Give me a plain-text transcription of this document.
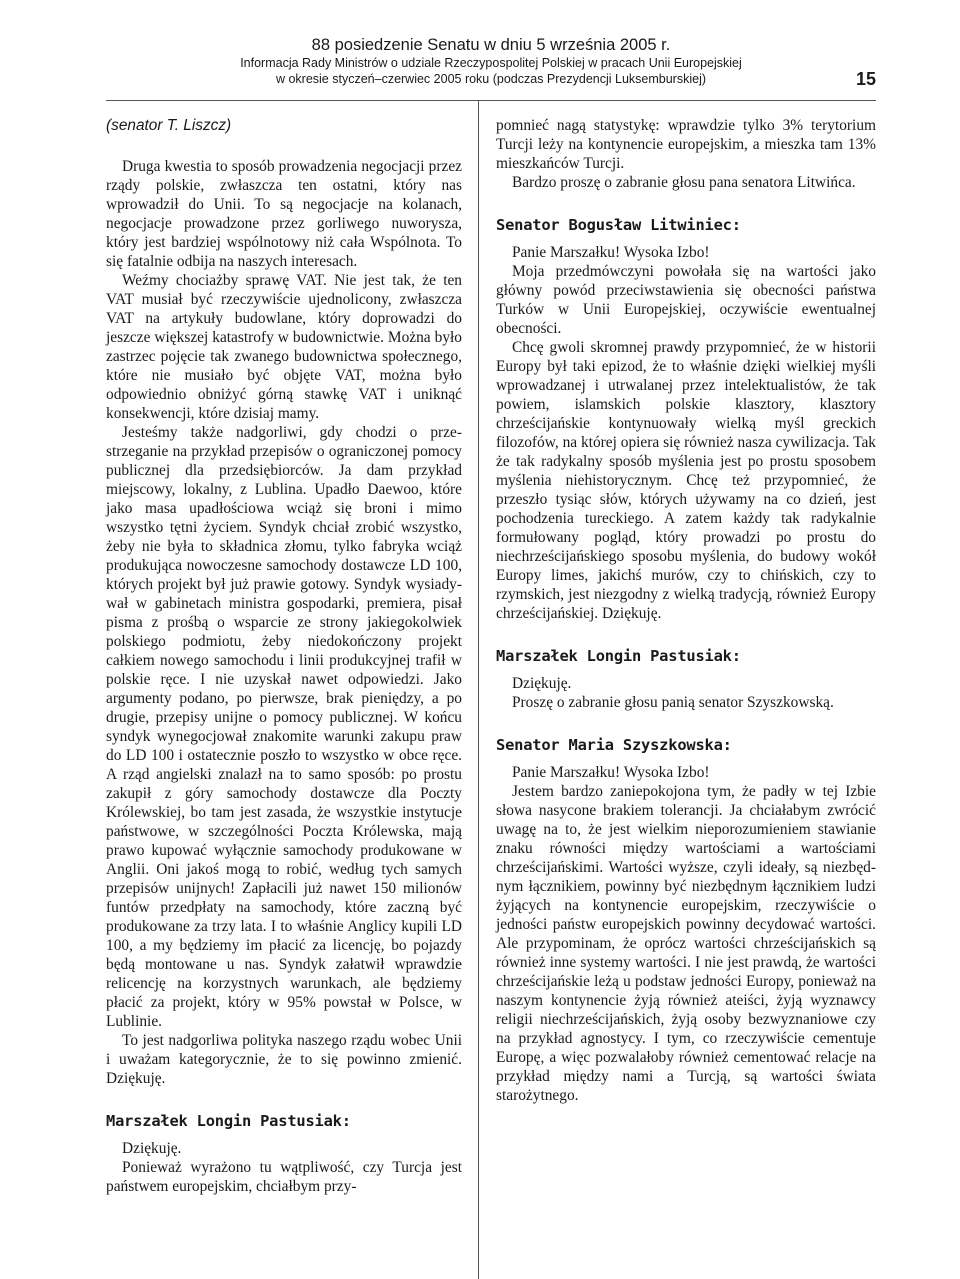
88 posiedzenie Senatu w dniu 5 września 2005 r.
Informacja Rady Ministrów o udziale Rzeczypospolitej Polskiej w pracach Unii Europejskiej
w okresie styczeń–czerwiec 2005 roku (podczas Prezydencji Luksemburskiej)	15

(senator T. Liszcz)

Druga kwestia to sposób prowadzenia negocjacji przez rządy polskie, zwłaszcza ten ostatni, który nas wprowadził do Unii. To są negocjacje na kolanach, negocjacje prowadzone przez gorliwego nuworysza, który jest bardziej wspólnotowy niż cała Wspólnota. To się fatalnie odbija na naszych interesach.

Weźmy chociażby sprawę VAT. Nie jest tak, że ten VAT musiał być rzeczywiście ujednolicony, zwłaszcza VAT na artykuły budowlane, który doprowadzi do jeszcze większej katastrofy w budownictwie. Można było zastrzec pojęcie tak zwanego budownictwa społecznego, które nie musiało być objęte VAT, można było odpowiednio obniżyć górną stawkę VAT i uniknąć konsekwencji, które dzisiaj mamy.

Jesteśmy także nadgorliwi, gdy chodzi o przestrzeganie na przykład przepisów o ograniczonej pomocy publicznej dla przedsiębiorców. Ja dam przykład miejscowy, lokalny, z Lublina. Upadło Daewoo, które jako masa upadłościowa wciąż się broni i mimo wszystko tętni życiem. Syndyk chciał zrobić wszystko, żeby nie była to składnica złomu, tylko fabryka wciąż produkująca nowoczesne samochody dostawcze LD 100, których projekt był już prawie gotowy. Syndyk wysiadywał w gabinetach ministra gospodarki, premiera, pisał pisma z prośbą o wsparcie ze strony jakiegokolwiek polskiego podmiotu, żeby niedokończony projekt całkiem nowego samochodu i linii produkcyjnej trafił w polskie ręce. I nie uzyskał nawet odpowiedzi. Jako argumenty podano, po pierwsze, brak pieniędzy, a po drugie, przepisy unijne o pomocy publicznej. W końcu syndyk wynegocjował znakomite warunki zakupu praw do LD 100 i ostatecznie poszło to wszystko w obce ręce. A rząd angielski znalazł na to samo sposób: po prostu zakupił z góry samochody dostawcze dla Poczty Królewskiej, bo tam jest zasada, że wszystkie instytucje państwowe, w szczególności Poczta Królewska, mają prawo kupować wyłącznie samochody produkowane w Anglii. Oni jakoś mogą to robić, według tych samych przepisów unijnych! Zapłacili już nawet 150 milionów funtów przedpłaty na samochody, które zaczną być produkowane za trzy lata. I to właśnie Anglicy kupili LD 100, a my będziemy im płacić za licencję, bo pojazdy będą montowane u nas. Syndyk załatwił wprawdzie relicencję na korzystnych warunkach, ale będziemy płacić za projekt, który w 95% powstał w Polsce, w Lublinie.

To jest nadgorliwa polityka naszego rządu wobec Unii i uważam kategorycznie, że to się powinno zmienić. Dziękuję.

Marszałek Longin Pastusiak:

Dziękuję.

Ponieważ wyrażono tu wątpliwość, czy Turcja jest państwem europejskim, chciałbym przy-

pomnieć nagą statystykę: wprawdzie tylko 3% terytorium Turcji leży na kontynencie europejskim, a mieszka tam 13% mieszkańców Turcji.

Bardzo proszę o zabranie głosu pana senatora Litwińca.

Senator Bogusław Litwiniec:

Panie Marszałku! Wysoka Izbo!

Moja przedmówczyni powołała się na wartości jako główny powód przeciwstawienia się obecności państwa Turków w Unii Europejskiej, oczywiście ewentualnej obecności.

Chcę gwoli skromnej prawdy przypomnieć, że w historii Europy był taki epizod, że to właśnie dzięki wielkiej myśli wprowadzanej i utrwalanej przez intelektualistów, że tak powiem, islamskich polskie klasztory, klasztory chrześcijańskie kontynuowały wielką myśl greckich filozofów, na której opiera się również nasza cywilizacja. Tak że tak radykalny sposób myślenia jest po prostu sposobem myślenia niehistorycznym. Chcę też przypomnieć, że przeszło tysiąc słów, których używamy na co dzień, jest pochodzenia tureckiego. A zatem każdy tak radykalnie formułowany pogląd, który prowadzi po prostu do niechrześcijańskiego sposobu myślenia, do budowy wokół Europy limes, jakichś murów, czy to chińskich, czy to rzymskich, jest niezgodny z wielką tradycją, również Europy chrześcijańskiej. Dziękuję.

Marszałek Longin Pastusiak:

Dziękuję.

Proszę o zabranie głosu panią senator Szyszkowską.

Senator Maria Szyszkowska:

Panie Marszałku! Wysoka Izbo!

Jestem bardzo zaniepokojona tym, że padły w tej Izbie słowa nasycone brakiem tolerancji. Ja chciałabym zwrócić uwagę na to, że jest wielkim nieporozumieniem stawianie znaku równości między wartościami a wartościami chrześcijańskimi. Wartości wyższe, czyli ideały, są niezbędnym łącznikiem, powinny być niezbędnym łącznikiem ludzi żyjących na kontynencie europejskim, rzeczywiście o jedności państw europejskich powinny decydować wartości. Ale przypominam, że oprócz wartości chrześcijańskich są również inne systemy wartości. I nie jest prawdą, że wartości chrześcijańskie leżą u podstaw jedności Europy, ponieważ na naszym kontynencie żyją również ateiści, żyją wyznawcy religii niechrześcijańskich, żyją osoby bezwyznaniowe czy na przykład agnostycy. I tym, co rzeczywiście cementuje Europę, a więc pozwalałoby również cementować relacje na przykład między nami a Turcją, są wartości świata starożytnego.
